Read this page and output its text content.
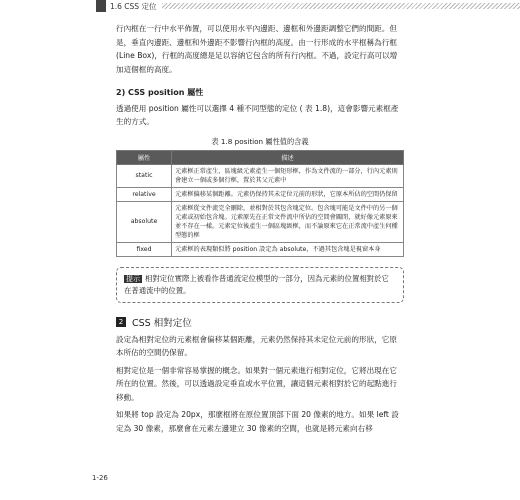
1.6 CSS 定位

行內框在一行中水平佈置，可以使用水平內邊距、邊框和外邊距調整它們的間距。但是，垂直內邊距、邊框和外邊距不影響行內框的高度。由一行形成的水平框稱為行框 (Line Box)，行框的高度總是足以容納它包含的所有行內框。不過，設定行高可以增加這個框的高度。

2) CSS position 屬性

透過使用 position 屬性可以選擇 4 種不同型態的定位 ( 表 1.8)，這會影響元素框產生的方式。

表 1.8 position 屬性值的含義
屬性	描述
static	元素框正常產生，區塊級元素產生一個矩形框，作為文件流的一部分，行內元素則會建立一個或多個行框，置於其父元素中
relative	元素框偏移某個距離。元素仍保持其未定位元前的形狀，它原本所佔的空間仍保留
absolute	元素框從文件流完全刪除，並相對於其包含塊定位。包含塊可能是文件中的另一個元素或初始包含塊。元素原先在正常文件流中所佔的空間會關閉，就好像元素原來並不存在一樣。元素定位後產生一個區塊級框，而不論原來它在正常流中產生何種型態的框
fixed	元素框的表現類似將 position 設定為 absolute，不過其包含塊是視窗本身
提示 相對定位實際上被看作普通流定位模型的一部分，因為元素的位置相對於它在普通流中的位置。
2 CSS 相對定位

設定為相對定位的元素框會偏移某個距離，元素仍然保持其未定位元前的形狀，它原本所佔的空間仍保留。

相對定位是一個非常容易掌握的概念。如果對一個元素進行相對定位，它將出現在它所在的位置。然後，可以透過設定垂直或水平位置，讓這個元素相對於它的起點進行移動。

如果將 top 設定為 20px，那麼框將在原位置頂部下面 20 像素的地方。如果 left 設定為 30 像素，那麼會在元素左邊建立 30 像素的空間，也就是將元素向右移

1-26
